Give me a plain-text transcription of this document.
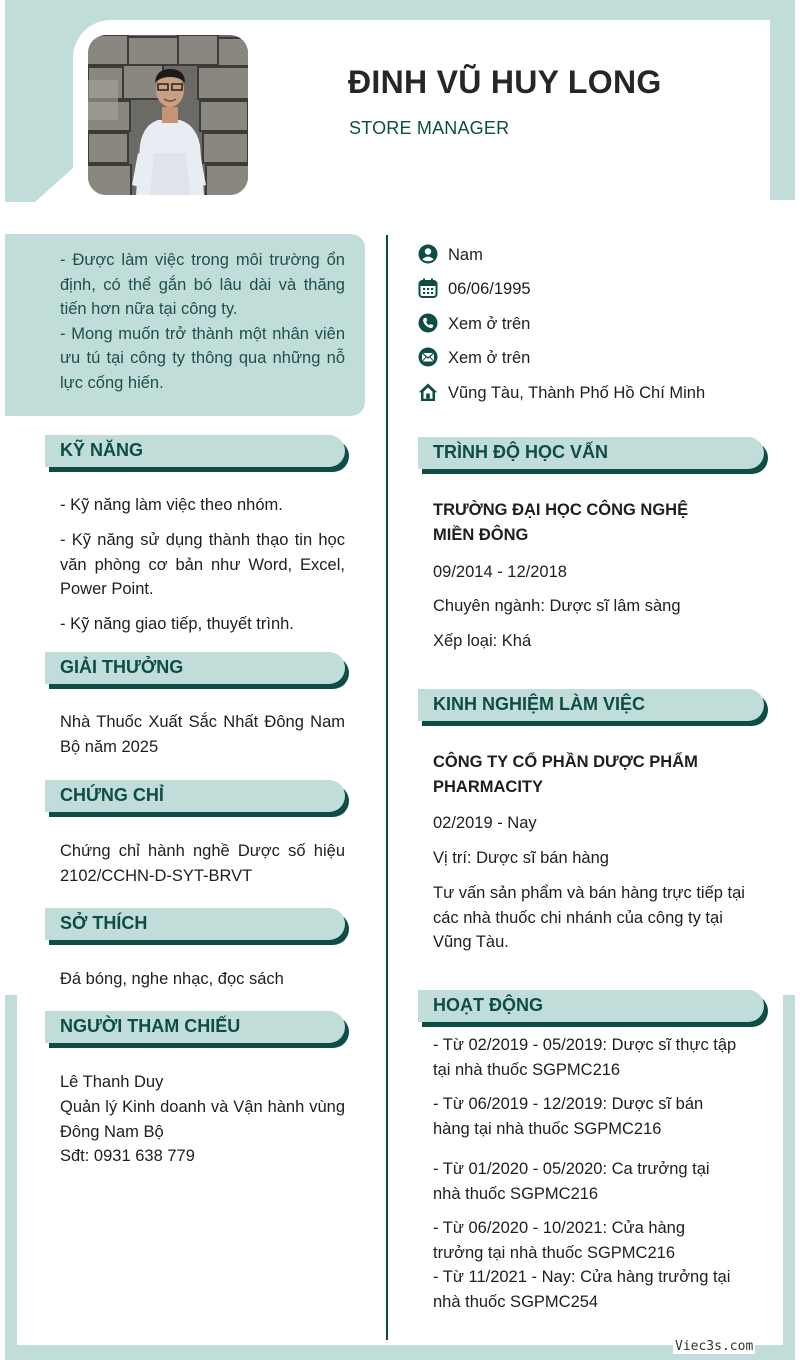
ĐINH VŨ HUY LONG
STORE MANAGER
Viec3s.com
- Được làm việc trong môi trường ổn định, có thể gắn bó lâu dài và thăng tiến hơn nữa tại công ty.
- Mong muốn trở thành một nhân viên ưu tú tại công ty thông qua những nỗ lực cống hiến.
Nam
06/06/1995
Xem ở trên
Xem ở trên
Vũng Tàu, Thành Phố Hồ Chí Minh
KỸ NĂNG
- Kỹ năng làm việc theo nhóm.
- Kỹ năng sử dụng thành thạo tin học văn phòng cơ bản như Word, Excel, Power Point.
- Kỹ năng giao tiếp, thuyết trình.
GIẢI THƯỞNG
Nhà Thuốc Xuất Sắc Nhất Đông Nam Bộ năm 2025
CHỨNG CHỈ
Chứng chỉ hành nghề Dược số hiệu 2102/CCHN-D-SYT-BRVT
SỞ THÍCH
Đá bóng, nghe nhạc, đọc sách
NGƯỜI THAM CHIẾU
Lê Thanh Duy
Quản lý Kinh doanh và Vận hành vùng Đông Nam Bộ
Sđt: 0931 638 779
TRÌNH ĐỘ HỌC VẤN
TRƯỜNG ĐẠI HỌC CÔNG NGHỆ MIỀN ĐÔNG
09/2014 - 12/2018
Chuyên ngành: Dược sĩ lâm sàng
Xếp loại: Khá
KINH NGHIỆM LÀM VIỆC
CÔNG TY CỔ PHẦN DƯỢC PHẨM PHARMACITY
02/2019 - Nay
Vị trí: Dược sĩ bán hàng
Tư vấn sản phẩm và bán hàng trực tiếp tại các nhà thuốc chi nhánh của công ty tại Vũng Tàu.
HOẠT ĐỘNG
- Từ 02/2019 - 05/2019: Dược sĩ thực tập tại nhà thuốc SGPMC216
- Từ 06/2019 - 12/2019: Dược sĩ bán hàng tại nhà thuốc SGPMC216
- Từ 01/2020 - 05/2020: Ca trưởng tại nhà thuốc SGPMC216
- Từ 06/2020 - 10/2021: Cửa hàng trưởng tại nhà thuốc SGPMC216
- Từ 11/2021 - Nay: Cửa hàng trưởng tại nhà thuốc SGPMC254
